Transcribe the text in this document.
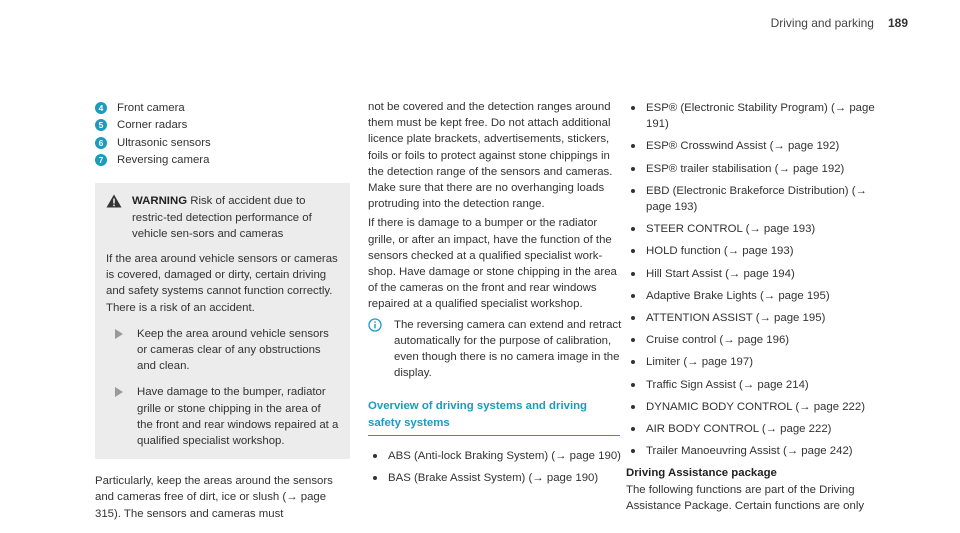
Driving and parking 189
4	Front camera
5	Corner radars
6	Ultrasonic sensors
7	Reversing camera
WARNING Risk of accident due to restric-ted detection performance of vehicle sen-sors and cameras
If the area around vehicle sensors or cameras is covered, damaged or dirty, certain driving and safety systems cannot function correctly. There is a risk of an accident.
Keep the area around vehicle sensors or cameras clear of any obstructions and clean.
Have damage to the bumper, radiator grille or stone chipping in the area of the front and rear windows repaired at a qualified specialist workshop.
Particularly, keep the areas around the sensors and cameras free of dirt, ice or slush (→ page 315). The sensors and cameras must
not be covered and the detection ranges around them must be kept free. Do not attach additional licence plate brackets, advertisements, stickers, foils or foils to protect against stone chippings in the detection range of the sensors and cameras. Make sure that there are no overhanging loads protruding into the detection range.
If there is damage to a bumper or the radiator grille, or after an impact, have the function of the sensors checked at a qualified specialist work-shop. Have damage or stone chipping in the area of the cameras on the front and rear windows repaired at a qualified specialist workshop.
The reversing camera can extend and retract automatically for the purpose of calibration, even though there is no camera image in the display.
Overview of driving systems and driving safety systems
ABS (Anti-lock Braking System) (→ page 190)
BAS (Brake Assist System) (→ page 190)
ESP® (Electronic Stability Program) (→ page 191)
ESP® Crosswind Assist (→ page 192)
ESP® trailer stabilisation (→ page 192)
EBD (Electronic Brakeforce Distribution) (→ page 193)
STEER CONTROL (→ page 193)
HOLD function (→ page 193)
Hill Start Assist (→ page 194)
Adaptive Brake Lights (→ page 195)
ATTENTION ASSIST (→ page 195)
Cruise control (→ page 196)
Limiter (→ page 197)
Traffic Sign Assist (→ page 214)
DYNAMIC BODY CONTROL (→ page 222)
AIR BODY CONTROL (→ page 222)
Trailer Manoeuvring Assist (→ page 242)
Driving Assistance package
The following functions are part of the Driving Assistance Package. Certain functions are only
